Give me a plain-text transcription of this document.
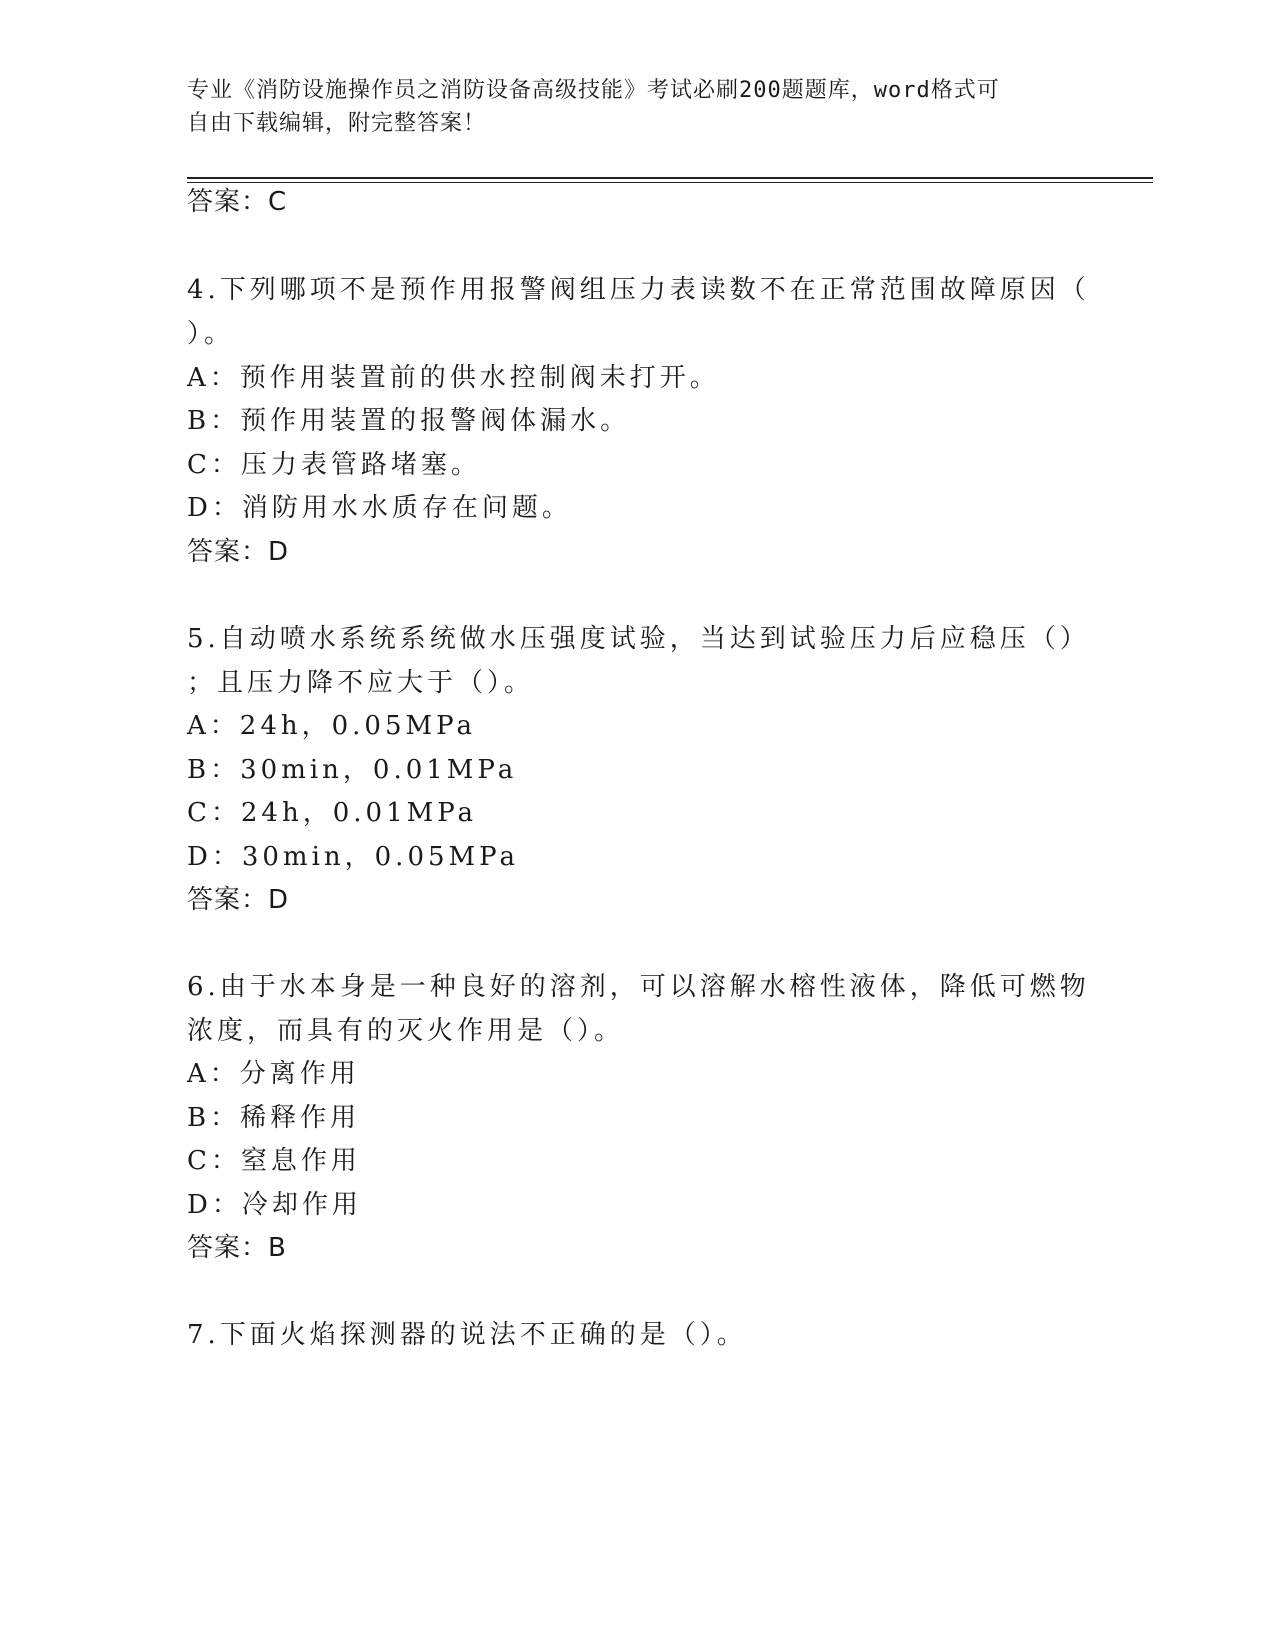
专业《消防设施操作员之消防设备高级技能》考试必刷200题题库，word格式可
自由下载编辑，附完整答案！
答案：C
4.下列哪项不是预作用报警阀组压力表读数不在正常范围故障原因（
）。
A：预作用装置前的供水控制阀未打开。
B：预作用装置的报警阀体漏水。
C：压力表管路堵塞。
D：消防用水水质存在问题。
答案：D
5.自动喷水系统系统做水压强度试验，当达到试验压力后应稳压（）
；且压力降不应大于（）。
A：24h，0.05MPa
B：30min，0.01MPa
C：24h，0.01MPa
D：30min，0.05MPa
答案：D
6.由于水本身是一种良好的溶剂，可以溶解水榕性液体，降低可燃物
浓度，而具有的灭火作用是（）。
A：分离作用
B：稀释作用
C：窒息作用
D：冷却作用
答案：B
7.下面火焰探测器的说法不正确的是（）。
